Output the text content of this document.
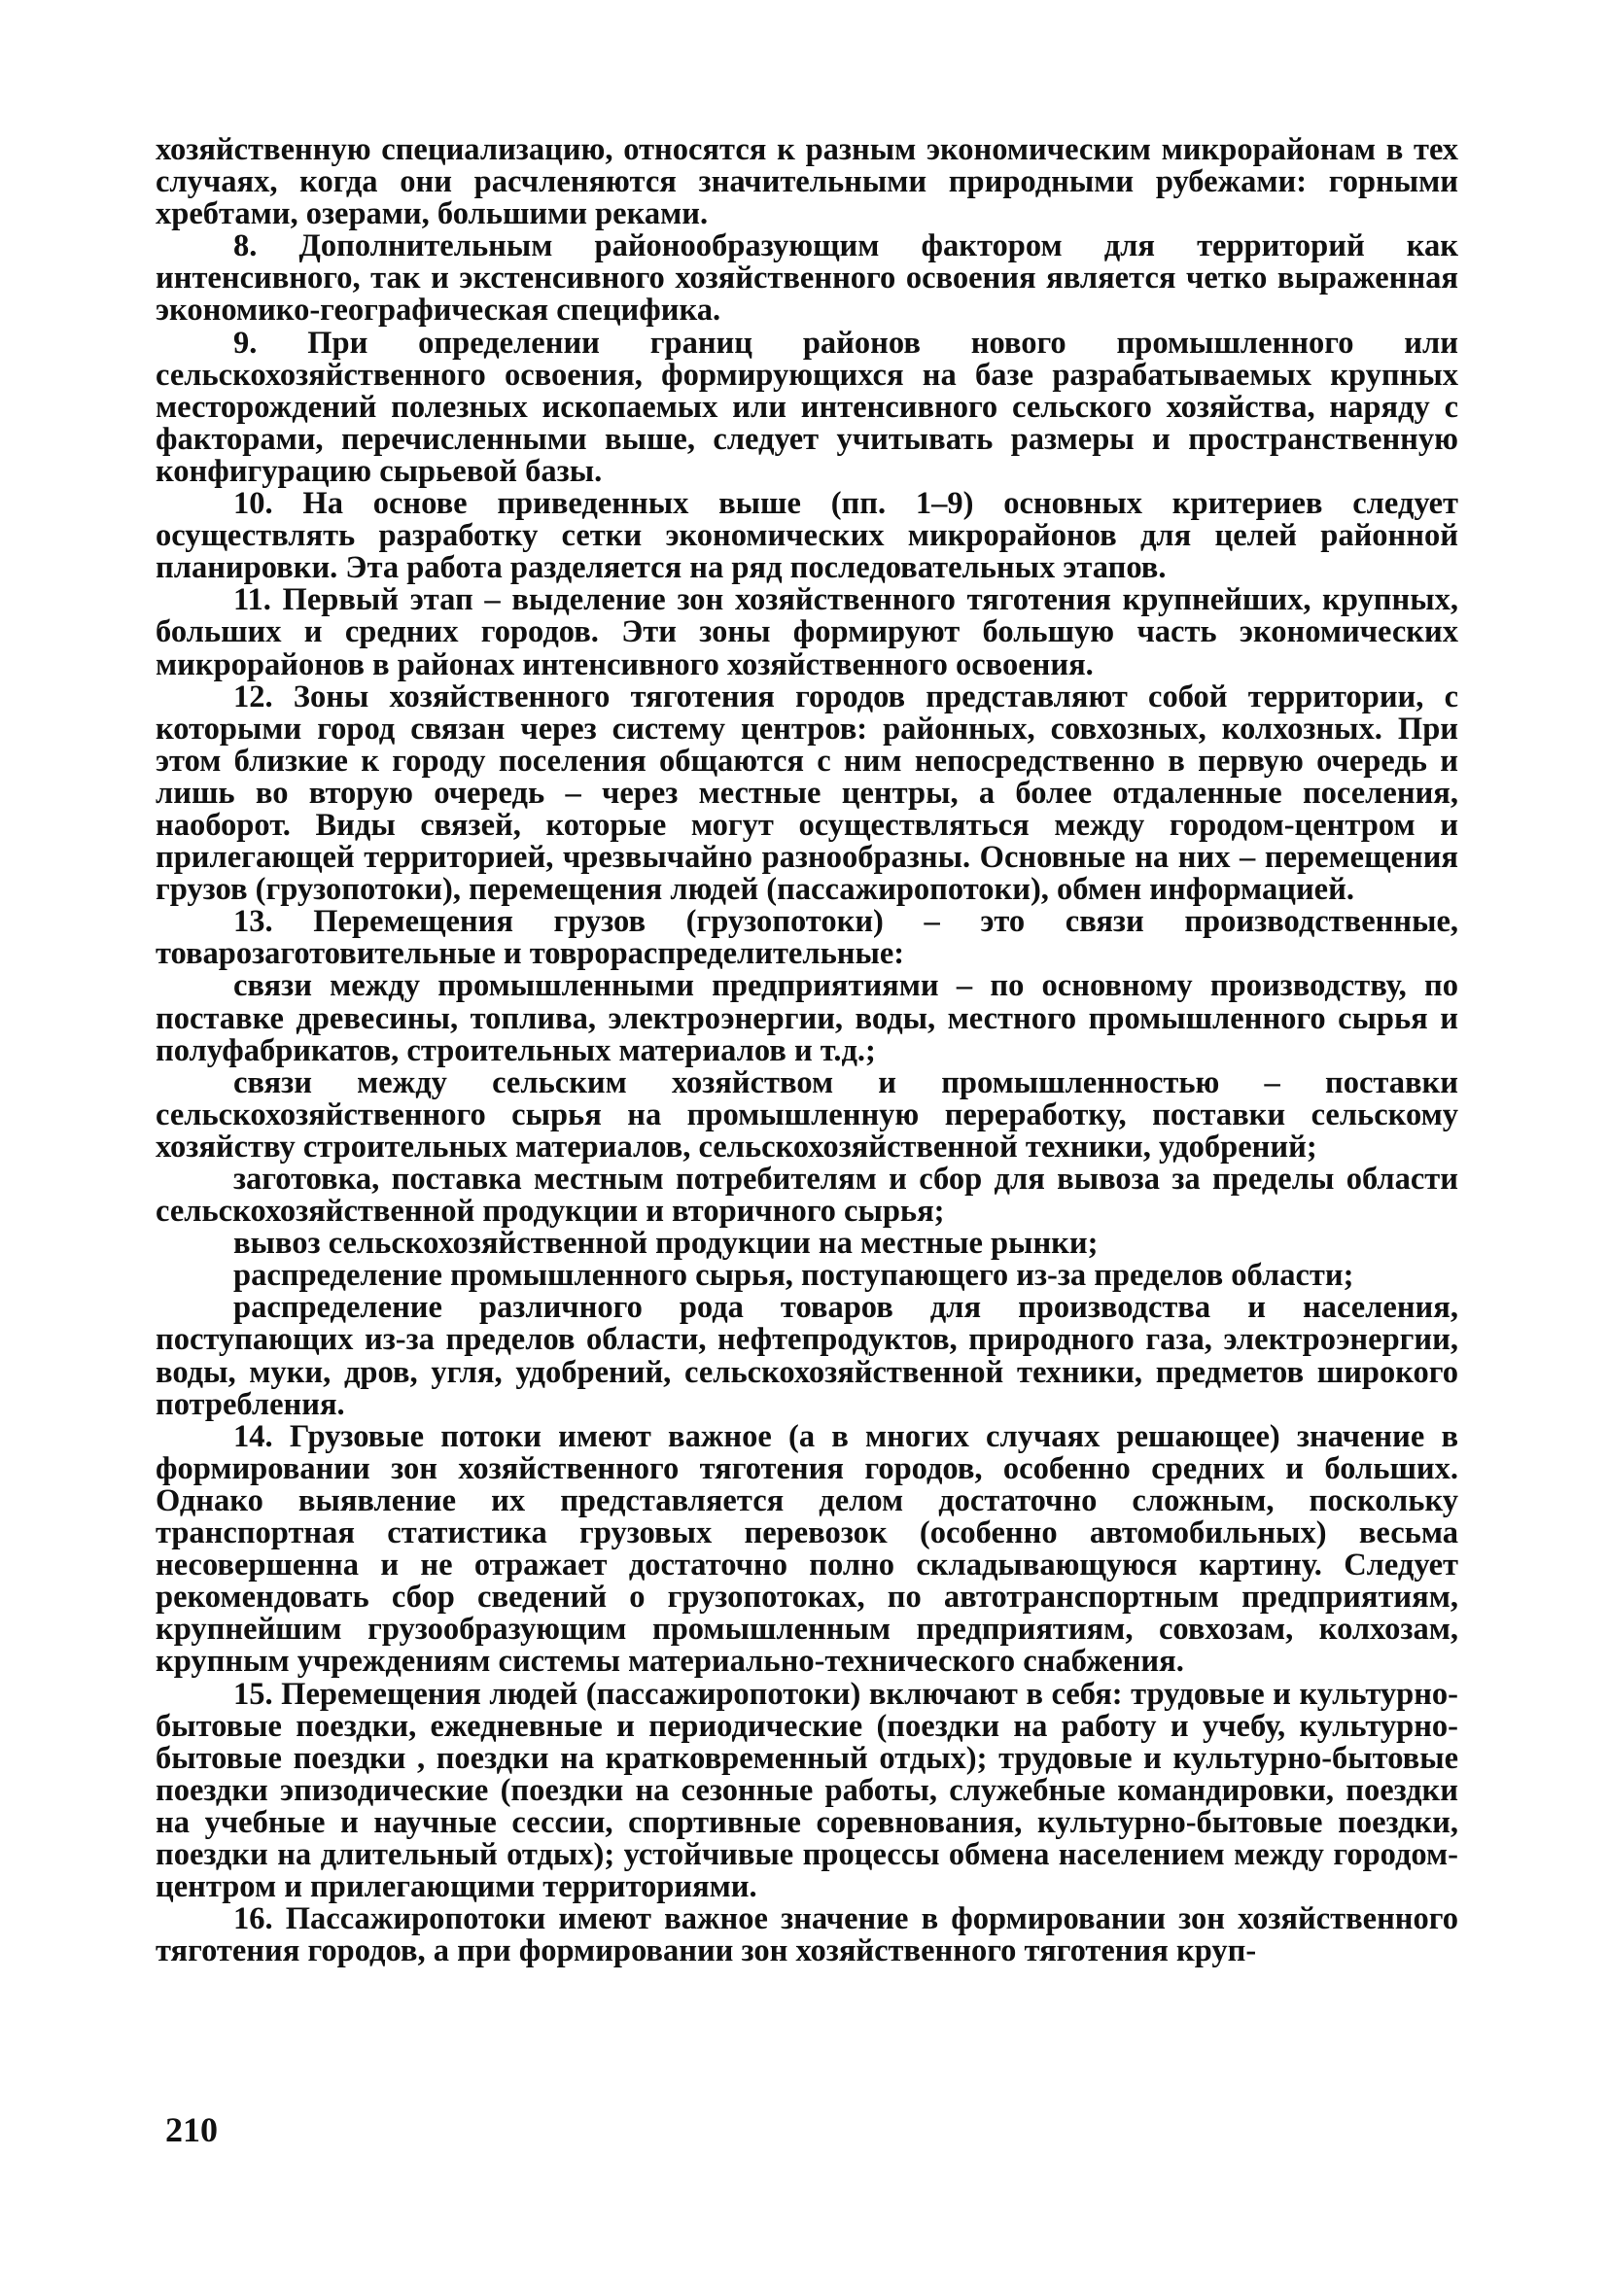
хозяйственную специализацию, относятся к разным экономическим микрорайонам в тех случаях, когда они расчленяются значительными природными рубежами: горными хребтами, озерами, большими реками.

8. Дополнительным районообразующим фактором для территорий как интенсивного, так и экстенсивного хозяйственного освоения является четко выраженная экономико-географическая специфика.

9. При определении границ районов нового промышленного или сельскохозяйственного освоения, формирующихся на базе разрабатываемых крупных месторождений полезных ископаемых или интенсивного сельского хозяйства, наряду с факторами, перечисленными выше, следует учитывать размеры и пространственную конфигурацию сырьевой базы.

10. На основе приведенных выше (пп. 1–9) основных критериев следует осуществлять разработку сетки экономических микрорайонов для целей районной планировки. Эта работа разделяется на ряд последовательных этапов.

11. Первый этап – выделение зон хозяйственного тяготения крупнейших, крупных, больших и средних городов. Эти зоны формируют большую часть экономических микрорайонов в районах интенсивного хозяйственного освоения.

12. Зоны хозяйственного тяготения городов представляют собой территории, с которыми город связан через систему центров: районных, совхозных, колхозных. При этом близкие к городу поселения общаются с ним непосредственно в первую очередь и лишь во вторую очередь – через местные центры, а более отдаленные поселения, наоборот. Виды связей, которые могут осуществляться между городом-центром и прилегающей территорией, чрезвычайно разнообразны. Основные на них – перемещения грузов (грузопотоки), перемещения людей (пассажиропотоки), обмен информацией.

13. Перемещения грузов (грузопотоки) – это связи производственные, товарозаготовительные и товрораспределительные:

связи между промышленными предприятиями – по основному производству, по поставке древесины, топлива, электроэнергии, воды, местного промышленного сырья и полуфабрикатов, строительных материалов и т.д.;

связи между сельским хозяйством и промышленностью – поставки сельскохозяйственного сырья на промышленную переработку, поставки сельскому хозяйству строительных материалов, сельскохозяйственной техники, удобрений;

заготовка, поставка местным потребителям и сбор для вывоза за пределы области сельскохозяйственной продукции и вторичного сырья;

вывоз сельскохозяйственной продукции на местные рынки;

распределение промышленного сырья, поступающего из-за пределов области;

распределение различного рода товаров для производства и населения, поступающих из-за пределов области, нефтепродуктов, природного газа, электроэнергии, воды, муки, дров, угля, удобрений, сельскохозяйственной техники, предметов широкого потребления.

14. Грузовые потоки имеют важное (а в многих случаях решающее) значение в формировании зон хозяйственного тяготения городов, особенно средних и больших. Однако выявление их представляется делом достаточно сложным, поскольку транспортная статистика грузовых перевозок (особенно автомобильных) весьма несовершенна и не отражает достаточно полно складывающуюся картину. Следует рекомендовать сбор сведений о грузопотоках, по автотранспортным предприятиям, крупнейшим грузообразующим промышленным предприятиям, совхозам, колхозам, крупным учреждениям системы материально-технического снабжения.

15. Перемещения людей (пассажиропотоки) включают в себя: трудовые и культурно-бытовые поездки, ежедневные и периодические (поездки на работу и учебу, культурно-бытовые поездки , поездки на кратковременный отдых); трудовые и культурно-бытовые поездки эпизодические (поездки на сезонные работы, служебные командировки, поездки на учебные и научные сессии, спортивные соревнования, культурно-бытовые поездки, поездки на длительный отдых); устойчивые процессы обмена населением между городом-центром и прилегающими территориями.

16. Пассажиропотоки имеют важное значение в формировании зон хозяйственного тяготения городов, а при формировании зон хозяйственного тяготения круп-

210
